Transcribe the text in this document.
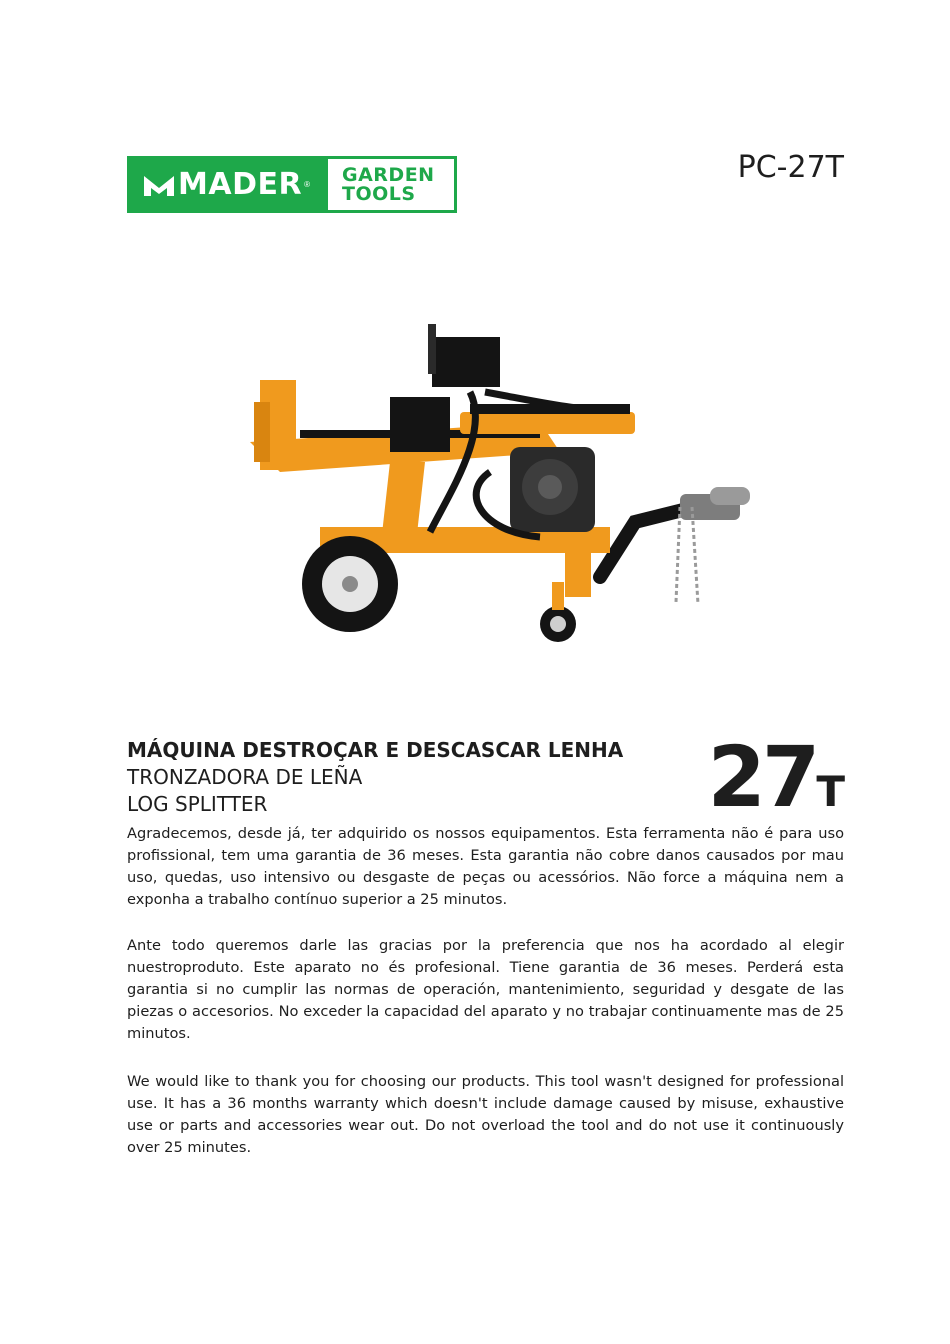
MADER ® GARDEN
TOOLS
PC-27T
MÁQUINA DESTROÇAR E DESCASCAR LENHA
TRONZADORA DE LEÑA
LOG SPLITTER	27T

Agradecemos, desde já, ter adquirido os nossos equipamentos. Esta ferramenta não é para uso profissional, tem uma garantia de 36 meses. Esta garantia não cobre danos causados por mau uso, quedas, uso intensivo ou desgaste de peças ou acessórios. Não force a máquina nem a exponha a trabalho contínuo superior a 25 minutos.

Ante todo queremos darle las gracias por la preferencia que nos ha acordado al elegir nuestroproduto. Este aparato no és profesional. Tiene garantia de 36 meses. Perderá esta garantia si no cumplir las normas de operación, mantenimiento, seguridad y desgate de las piezas o accesorios. No exceder la capacidad del aparato y no trabajar continuamente mas de 25 minutos.

We would like to thank you for choosing our products. This tool wasn't designed for professional use. It has a 36 months warranty which doesn't include damage caused by misuse, exhaustive use or parts and accessories wear out. Do not overload the tool and do not use it continuously over 25 minutes.
